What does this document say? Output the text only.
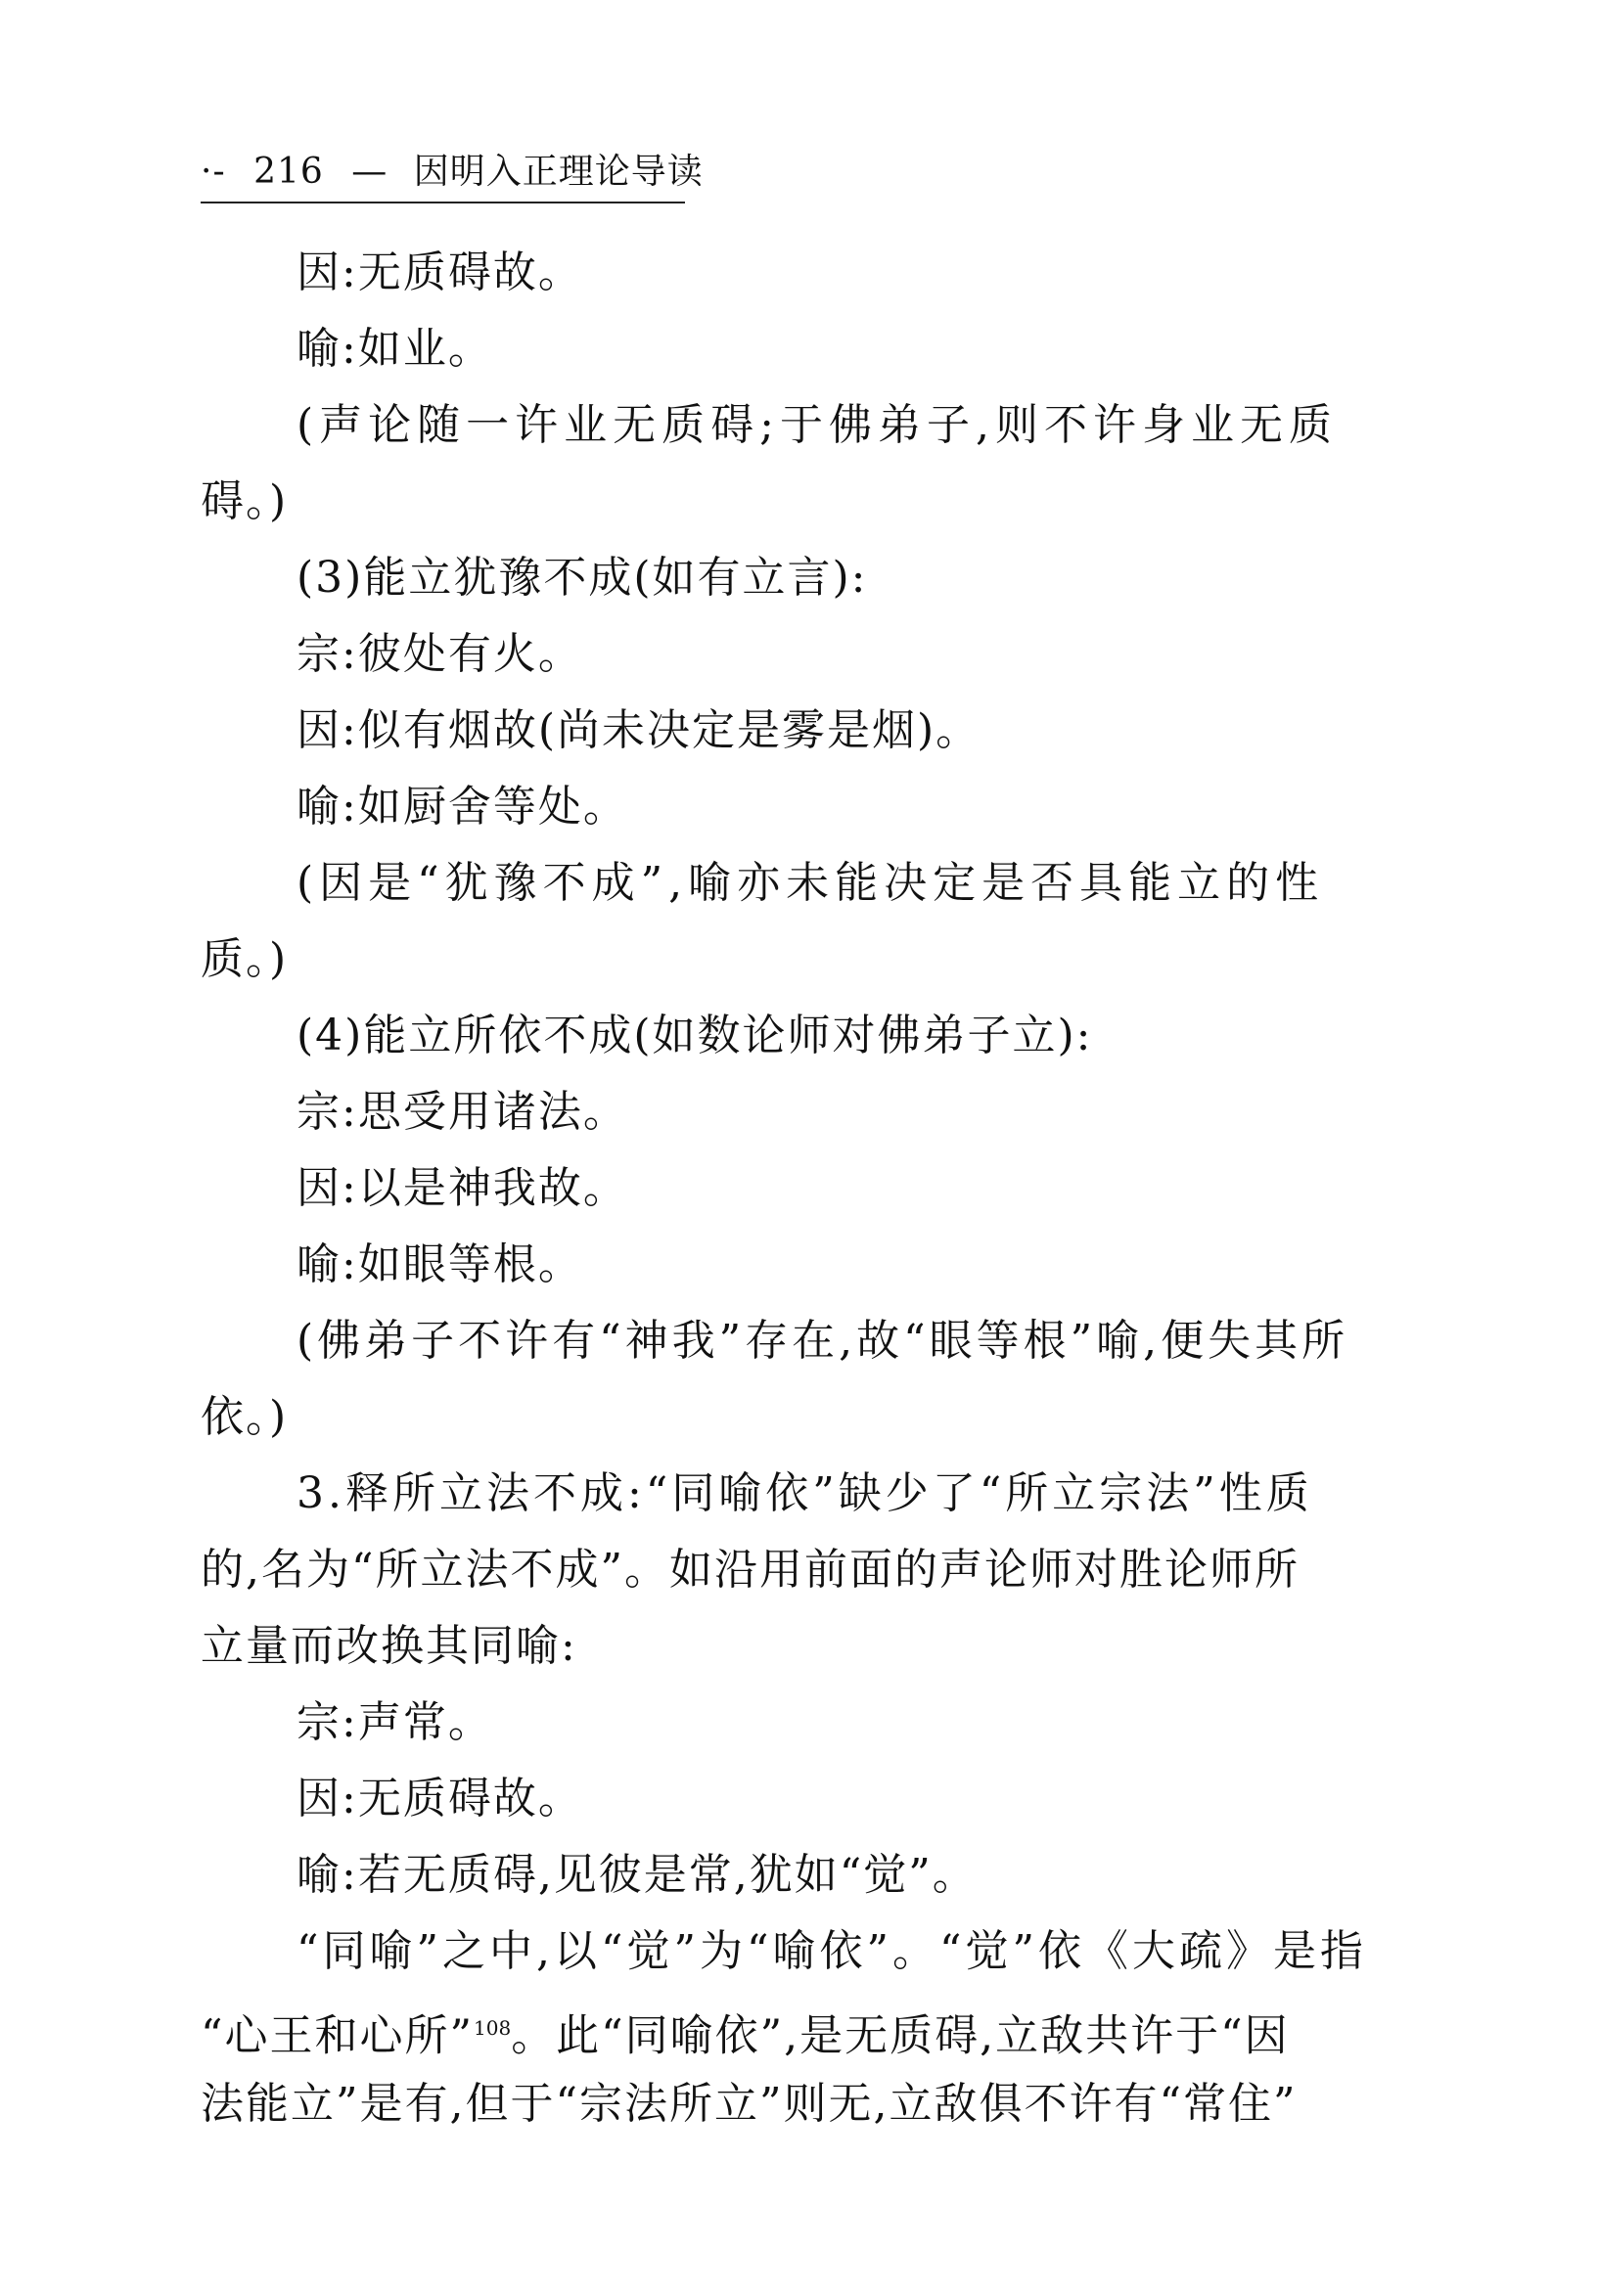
·- 216 — 因明入正理论导读
因:无质碍故。
喻:如业。
(声论随一许业无质碍;于佛弟子,则不许身业无质
碍。)
(3)能立犹豫不成(如有立言):
宗:彼处有火。
因:似有烟故(尚未决定是雾是烟)。
喻:如厨舍等处。
(因是“犹豫不成”,喻亦未能决定是否具能立的性
质。)
(4)能立所依不成(如数论师对佛弟子立):
宗:思受用诸法。
因:以是神我故。
喻:如眼等根。
(佛弟子不许有“神我”存在,故“眼等根”喻,便失其所
依。)
3.释所立法不成:“同喻依”缺少了“所立宗法”性质
的,名为“所立法不成”。如沿用前面的声论师对胜论师所
立量而改换其同喻:
宗:声常。
因:无质碍故。
喻:若无质碍,见彼是常,犹如“觉”。
“同喻”之中,以“觉”为“喻依”。“觉”依《大疏》是指
“心王和心所”$^{108}$。此“同喻依”,是无质碍,立敌共许于“因
法能立”是有,但于“宗法所立”则无,立敌俱不许有“常住”
